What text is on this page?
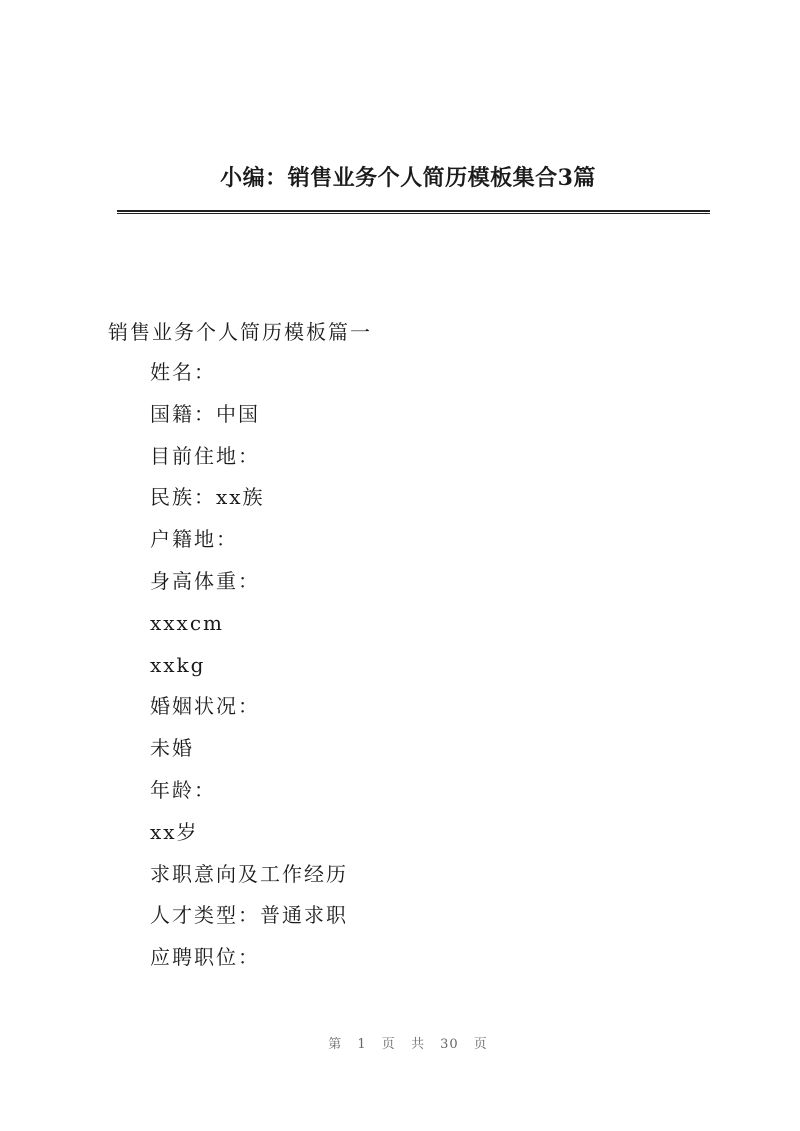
小编：销售业务个人简历模板集合3篇
销售业务个人简历模板篇一
姓名：
国籍：中国
目前住地：
民族：xx族
户籍地：
身高体重：
xxxcm
xxkg
婚姻状况：
未婚
年龄：
xx岁
求职意向及工作经历
人才类型：普通求职
应聘职位：
第 1 页 共 30 页
